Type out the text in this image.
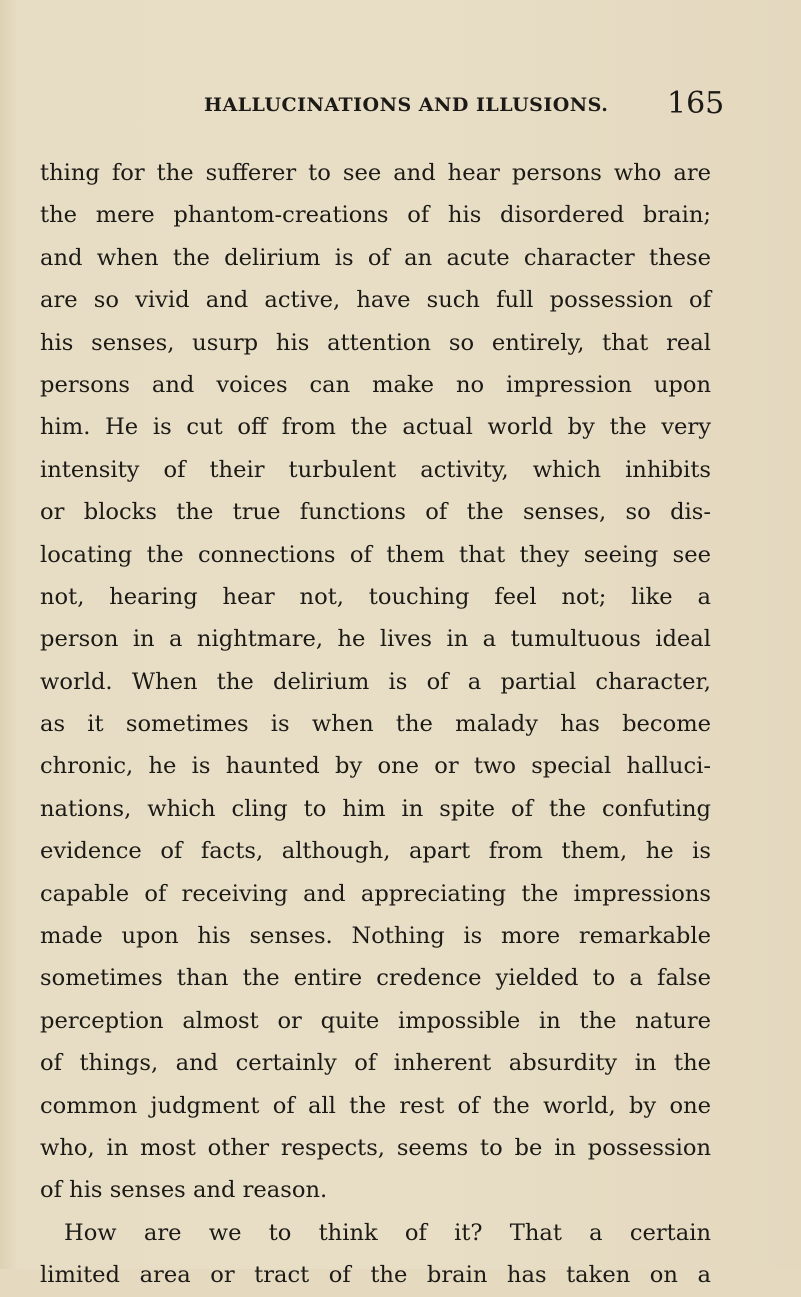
HALLUCINATIONS AND ILLUSIONS. 165
thing for the sufferer to see and hear persons who are
the mere phantom-creations of his disordered brain;
and when the delirium is of an acute character these
are so vivid and active, have such full possession of
his senses, usurp his attention so entirely, that real
persons and voices can make no impression upon
him. He is cut off from the actual world by the very
intensity of their turbulent activity, which inhibits
or blocks the true functions of the senses, so dis-
locating the connections of them that they seeing see
not, hearing hear not, touching feel not; like a
person in a nightmare, he lives in a tumultuous ideal
world. When the delirium is of a partial character,
as it sometimes is when the malady has become
chronic, he is haunted by one or two special halluci-
nations, which cling to him in spite of the confuting
evidence of facts, although, apart from them, he is
capable of receiving and appreciating the impressions
made upon his senses. Nothing is more remarkable
sometimes than the entire credence yielded to a false
perception almost or quite impossible in the nature
of things, and certainly of inherent absurdity in the
common judgment of all the rest of the world, by one
who, in most other respects, seems to be in possession
of his senses and reason.
How are we to think of it? That a certain
limited area or tract of the brain has taken on a
